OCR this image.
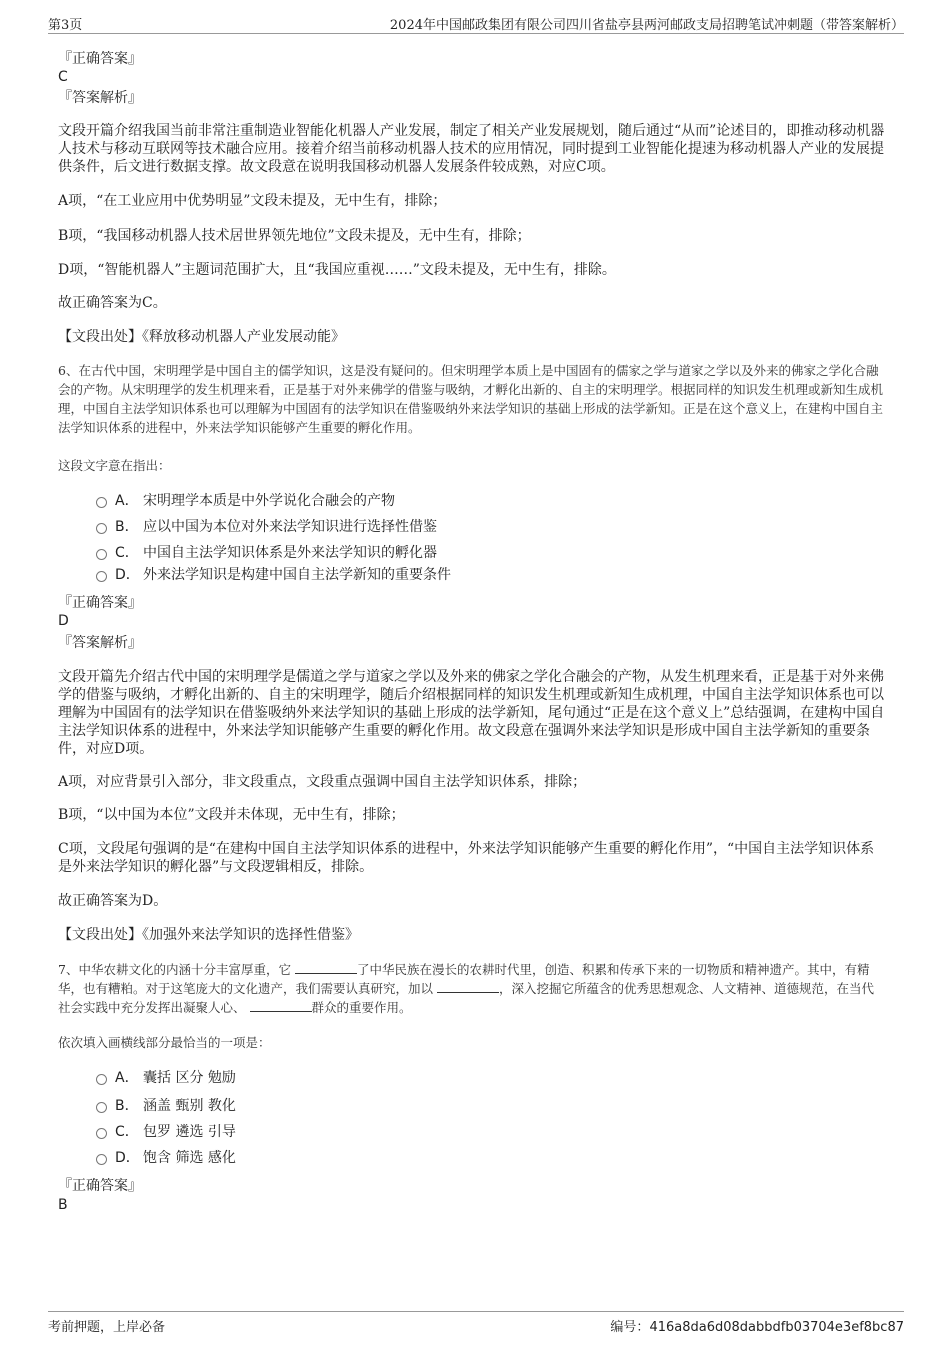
第3页	2024年中国邮政集团有限公司四川省盐亭县两河邮政支局招聘笔试冲刺题（带答案解析）
『正确答案』
C
『答案解析』

文段开篇介绍我国当前非常注重制造业智能化机器人产业发展，制定了相关产业发展规划，随后通过“从而”论述目的，即推动移动机器人技术与移动互联网等技术融合应用。接着介绍当前移动机器人技术的应用情况，同时提到工业智能化提速为移动机器人产业的发展提供条件，后文进行数据支撑。故文段意在说明我国移动机器人发展条件较成熟，对应C项。

A项，“在工业应用中优势明显”文段未提及，无中生有，排除；

B项，“我国移动机器人技术居世界领先地位”文段未提及，无中生有，排除；

D项，“智能机器人”主题词范围扩大，且“我国应重视……”文段未提及，无中生有，排除。

故正确答案为C。

【文段出处】《释放移动机器人产业发展动能》

6、在古代中国，宋明理学是中国自主的儒学知识，这是没有疑问的。但宋明理学本质上是中国固有的儒家之学与道家之学以及外来的佛家之学化合融会的产物。从宋明理学的发生机理来看，正是基于对外来佛学的借鉴与吸纳，才孵化出新的、自主的宋明理学。根据同样的知识发生机理或新知生成机理，中国自主法学知识体系也可以理解为中国固有的法学知识在借鉴吸纳外来法学知识的基础上形成的法学新知。正是在这个意义上，在建构中国自主法学知识体系的进程中，外来法学知识能够产生重要的孵化作用。

这段文字意在指出：

A． 宋明理学本质是中外学说化合融会的产物
B． 应以中国为本位对外来法学知识进行选择性借鉴
C． 中国自主法学知识体系是外来法学知识的孵化器
D． 外来法学知识是构建中国自主法学新知的重要条件
『正确答案』
D
『答案解析』

文段开篇先介绍古代中国的宋明理学是儒道之学与道家之学以及外来的佛家之学化合融会的产物，从发生机理来看，正是基于对外来佛学的借鉴与吸纳，才孵化出新的、自主的宋明理学，随后介绍根据同样的知识发生机理或新知生成机理，中国自主法学知识体系也可以理解为中国固有的法学知识在借鉴吸纳外来法学知识的基础上形成的法学新知，尾句通过“正是在这个意义上”总结强调，在建构中国自主法学知识体系的进程中，外来法学知识能够产生重要的孵化作用。故文段意在强调外来法学知识是形成中国自主法学新知的重要条件，对应D项。

A项，对应背景引入部分，非文段重点，文段重点强调中国自主法学知识体系，排除；

B项，“以中国为本位”文段并未体现，无中生有，排除；

C项，文段尾句强调的是“在建构中国自主法学知识体系的进程中，外来法学知识能够产生重要的孵化作用”，“中国自主法学知识体系是外来法学知识的孵化器”与文段逻辑相反，排除。

故正确答案为D。

【文段出处】《加强外来法学知识的选择性借鉴》

7、中华农耕文化的内涵十分丰富厚重，它	了中华民族在漫长的农耕时代里，创造、积累和传承下来的一切物质和精神遗产。其中，有精华，也有糟粕。对于这笔庞大的文化遗产，我们需要认真研究，加以	，深入挖掘它所蕴含的优秀思想观念、人文精神、道德规范，在当代社会实践中充分发挥出凝聚人心、	群众的重要作用。

依次填入画横线部分最恰当的一项是：

A． 囊括 区分 勉励
B． 涵盖 甄别 教化
C． 包罗 遴选 引导
D． 饱含 筛选 感化
『正确答案』
B
考前押题，上岸必备	编号：416a8da6d08dabbdfb03704e3ef8bc87
